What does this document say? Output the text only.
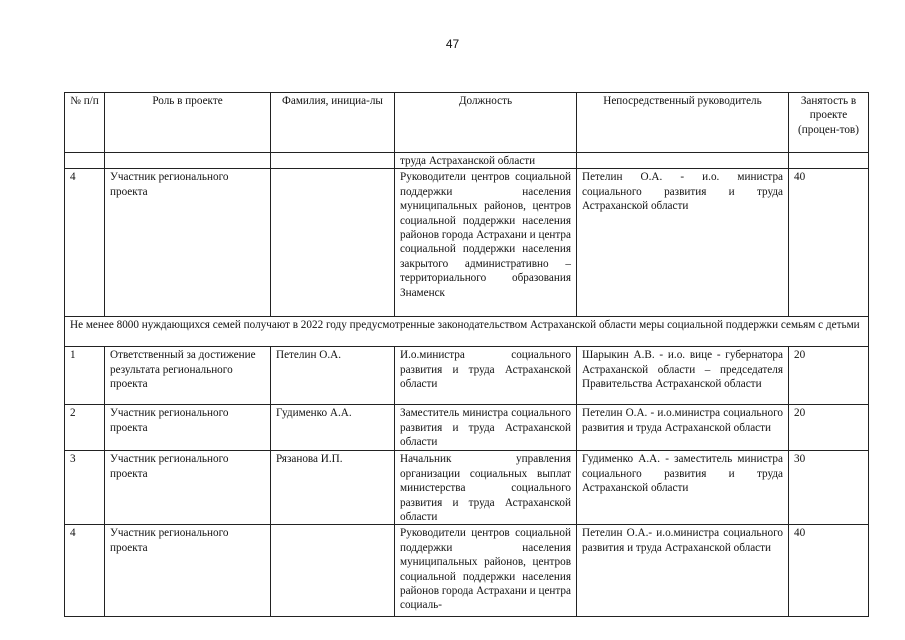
47
№ п/п	Роль в проекте	Фамилия, инициа-лы	Должность	Непосредственный руководитель	Занятость в проекте (процен-тов)
			труда Астраханской области		
4	Участник регионального проекта		Руководители центров социальной поддержки населения муниципальных районов, центров социальной поддержки населения районов города Астрахани и центра социальной поддержки населения закрытого административно – территориального образования Знаменск	Петелин О.А. - и.о. министра социального развития и труда Астраханской области	40
Не менее 8000 нуждающихся семей получают в 2022 году предусмотренные законодательством Астраханской области меры социальной поддержки семьям с детьми					
1	Ответственный за достижение результата регионального проекта	Петелин О.А.	И.о.министра социального развития и труда Астраханской области	Шарыкин А.В. - и.о. вице - губернатора Астраханской области – председателя Правительства Астраханской области	20
2	Участник регионального проекта	Гудименко А.А.	Заместитель министра социального развития и труда Астраханской области	Петелин О.А. - и.о.министра социального развития и труда Астраханской области	20
3	Участник регионального проекта	Рязанова И.П.	Начальник управления организации социальных выплат министерства социального развития и труда Астраханской области	Гудименко А.А. - заместитель министра социального развития и труда Астраханской области	30
4	Участник регионального проекта		Руководители центров социальной поддержки населения муниципальных районов, центров социальной поддержки населения районов города Астрахани и центра социаль-	Петелин О.А.- и.о.министра социального развития и труда Астраханской области	40
